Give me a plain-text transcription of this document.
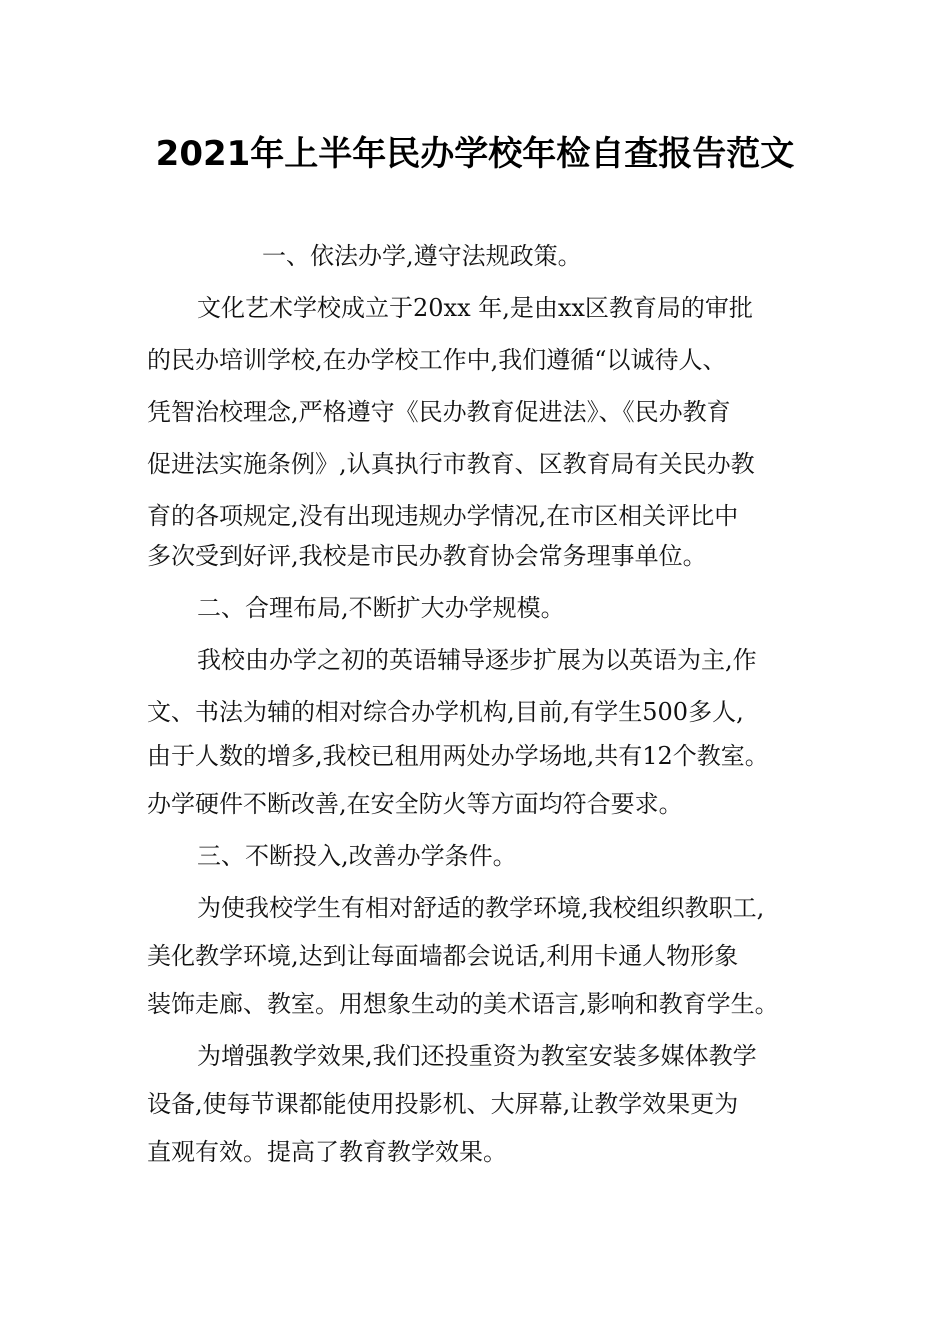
2021年上半年民办学校年检自查报告范文

一、依法办学,遵守法规政策。

文化艺术学校成立于20xx 年,是由xx区教育局的审批

的民办培训学校,在办学校工作中,我们遵循“以诚待人、

凭智治校理念,严格遵守《民办教育促进法》、《民办教育

促进法实施条例》,认真执行市教育、区教育局有关民办教

育的各项规定,没有出现违规办学情况,在市区相关评比中

多次受到好评,我校是市民办教育协会常务理事单位。

二、合理布局,不断扩大办学规模。

我校由办学之初的英语辅导逐步扩展为以英语为主,作

文、书法为辅的相对综合办学机构,目前,有学生500多人,

由于人数的增多,我校已租用两处办学场地,共有12个教室。

办学硬件不断改善,在安全防火等方面均符合要求。

三、不断投入,改善办学条件。

为使我校学生有相对舒适的教学环境,我校组织教职工,

美化教学环境,达到让每面墙都会说话,利用卡通人物形象

装饰走廊、教室。用想象生动的美术语言,影响和教育学生。

为增强教学效果,我们还投重资为教室安装多媒体教学

设备,使每节课都能使用投影机、大屏幕,让教学效果更为

直观有效。提高了教育教学效果。
